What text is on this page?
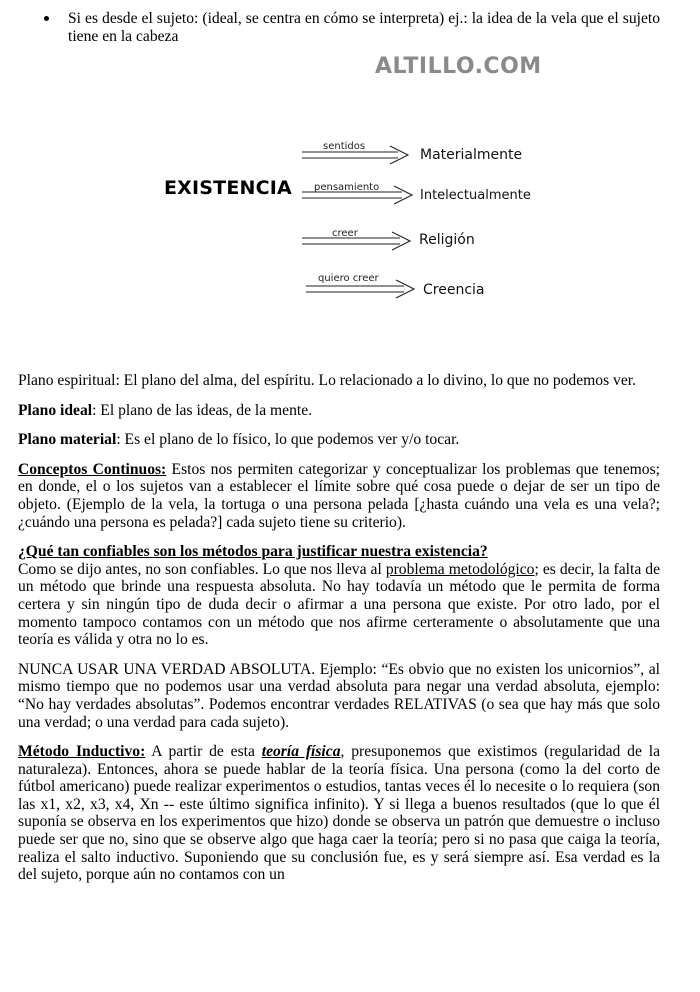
Si es desde el sujeto: (ideal, se centra en cómo se interpreta) ej.: la idea de la vela que el sujeto tiene en la cabeza
ALTILLO.COM
EXISTENCIA
sentidos
Materialmente
pensamiento
Intelectualmente
creer	Religión
quiero creer
Creencia

Plano espiritual: El plano del alma, del espíritu. Lo relacionado a lo divino, lo que no podemos ver.

Plano ideal: El plano de las ideas, de la mente.

Plano material: Es el plano de lo físico, lo que podemos ver y/o tocar.

Conceptos Continuos: Estos nos permiten categorizar y conceptualizar los problemas que tenemos; en donde, el o los sujetos van a establecer el límite sobre qué cosa puede o dejar de ser un tipo de objeto. (Ejemplo de la vela, la tortuga o una persona pelada [¿hasta cuándo una vela es una vela?; ¿cuándo una persona es pelada?] cada sujeto tiene su criterio).

¿Qué tan confiables son los métodos para justificar nuestra existencia?
Como se dijo antes, no son confiables. Lo que nos lleva al problema metodológico; es decir, la falta de un método que brinde una respuesta absoluta. No hay todavía un método que le permita de forma certera y sin ningún tipo de duda decir o afirmar a una persona que existe. Por otro lado, por el momento tampoco contamos con un método que nos afirme certeramente o absolutamente que una teoría es válida y otra no lo es.

NUNCA USAR UNA VERDAD ABSOLUTA. Ejemplo: “Es obvio que no existen los unicornios”, al mismo tiempo que no podemos usar una verdad absoluta para negar una verdad absoluta, ejemplo: “No hay verdades absolutas”. Podemos encontrar verdades RELATIVAS (o sea que hay más que solo una verdad; o una verdad para cada sujeto).

Método Inductivo: A partir de esta teoría física, presuponemos que existimos (regularidad de la naturaleza). Entonces, ahora se puede hablar de la teoría física. Una persona (como la del corto de fútbol americano) puede realizar experimentos o estudios, tantas veces él lo necesite o lo requiera (son las x1, x2, x3, x4, Xn -- este último significa infinito). Y si llega a buenos resultados (que lo que él suponía se observa en los experimentos que hizo) donde se observa un patrón que demuestre o incluso puede ser que no, sino que se observe algo que haga caer la teoría; pero si no pasa que caiga la teoría, realiza el salto inductivo. Suponiendo que su conclusión fue, es y será siempre así. Esa verdad es la del sujeto, porque aún no contamos con un
